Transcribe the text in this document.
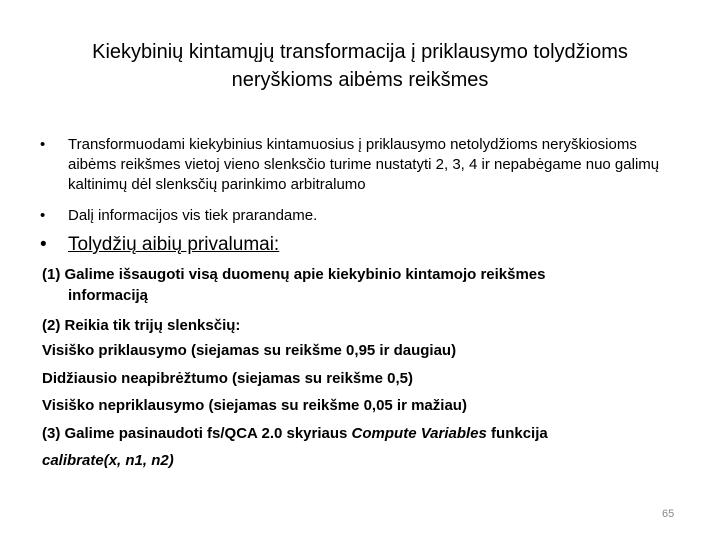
Kiekybinių kintamųjų transformacija į priklausymo tolydžioms
neryškioms aibėms reikšmes
• Transformuodami kiekybinius kintamuosius į priklausymo netolydžioms neryškiosioms aibėms reikšmes vietoj vieno slenksčio turime nustatyti 2, 3, 4 ir nepabėgame nuo galimų kaltinimų dėl slenksčių parinkimo arbitralumo
• Dalį informacijos vis tiek prarandame.
• Tolydžių aibių privalumai:
(1) Galime išsaugoti visą duomenų apie kiekybinio kintamojo reikšmes
informaciją
(2) Reikia tik trijų slenksčių:
Visiško priklausymo (siejamas su reikšme 0,95 ir daugiau)
Didžiausio neapibrėžtumo (siejamas su reikšme 0,5)
Visiško nepriklausymo (siejamas su reikšme 0,05 ir mažiau)
(3) Galime pasinaudoti fs/QCA 2.0 skyriaus Compute Variables funkcija
calibrate(x, n1, n2)
65
